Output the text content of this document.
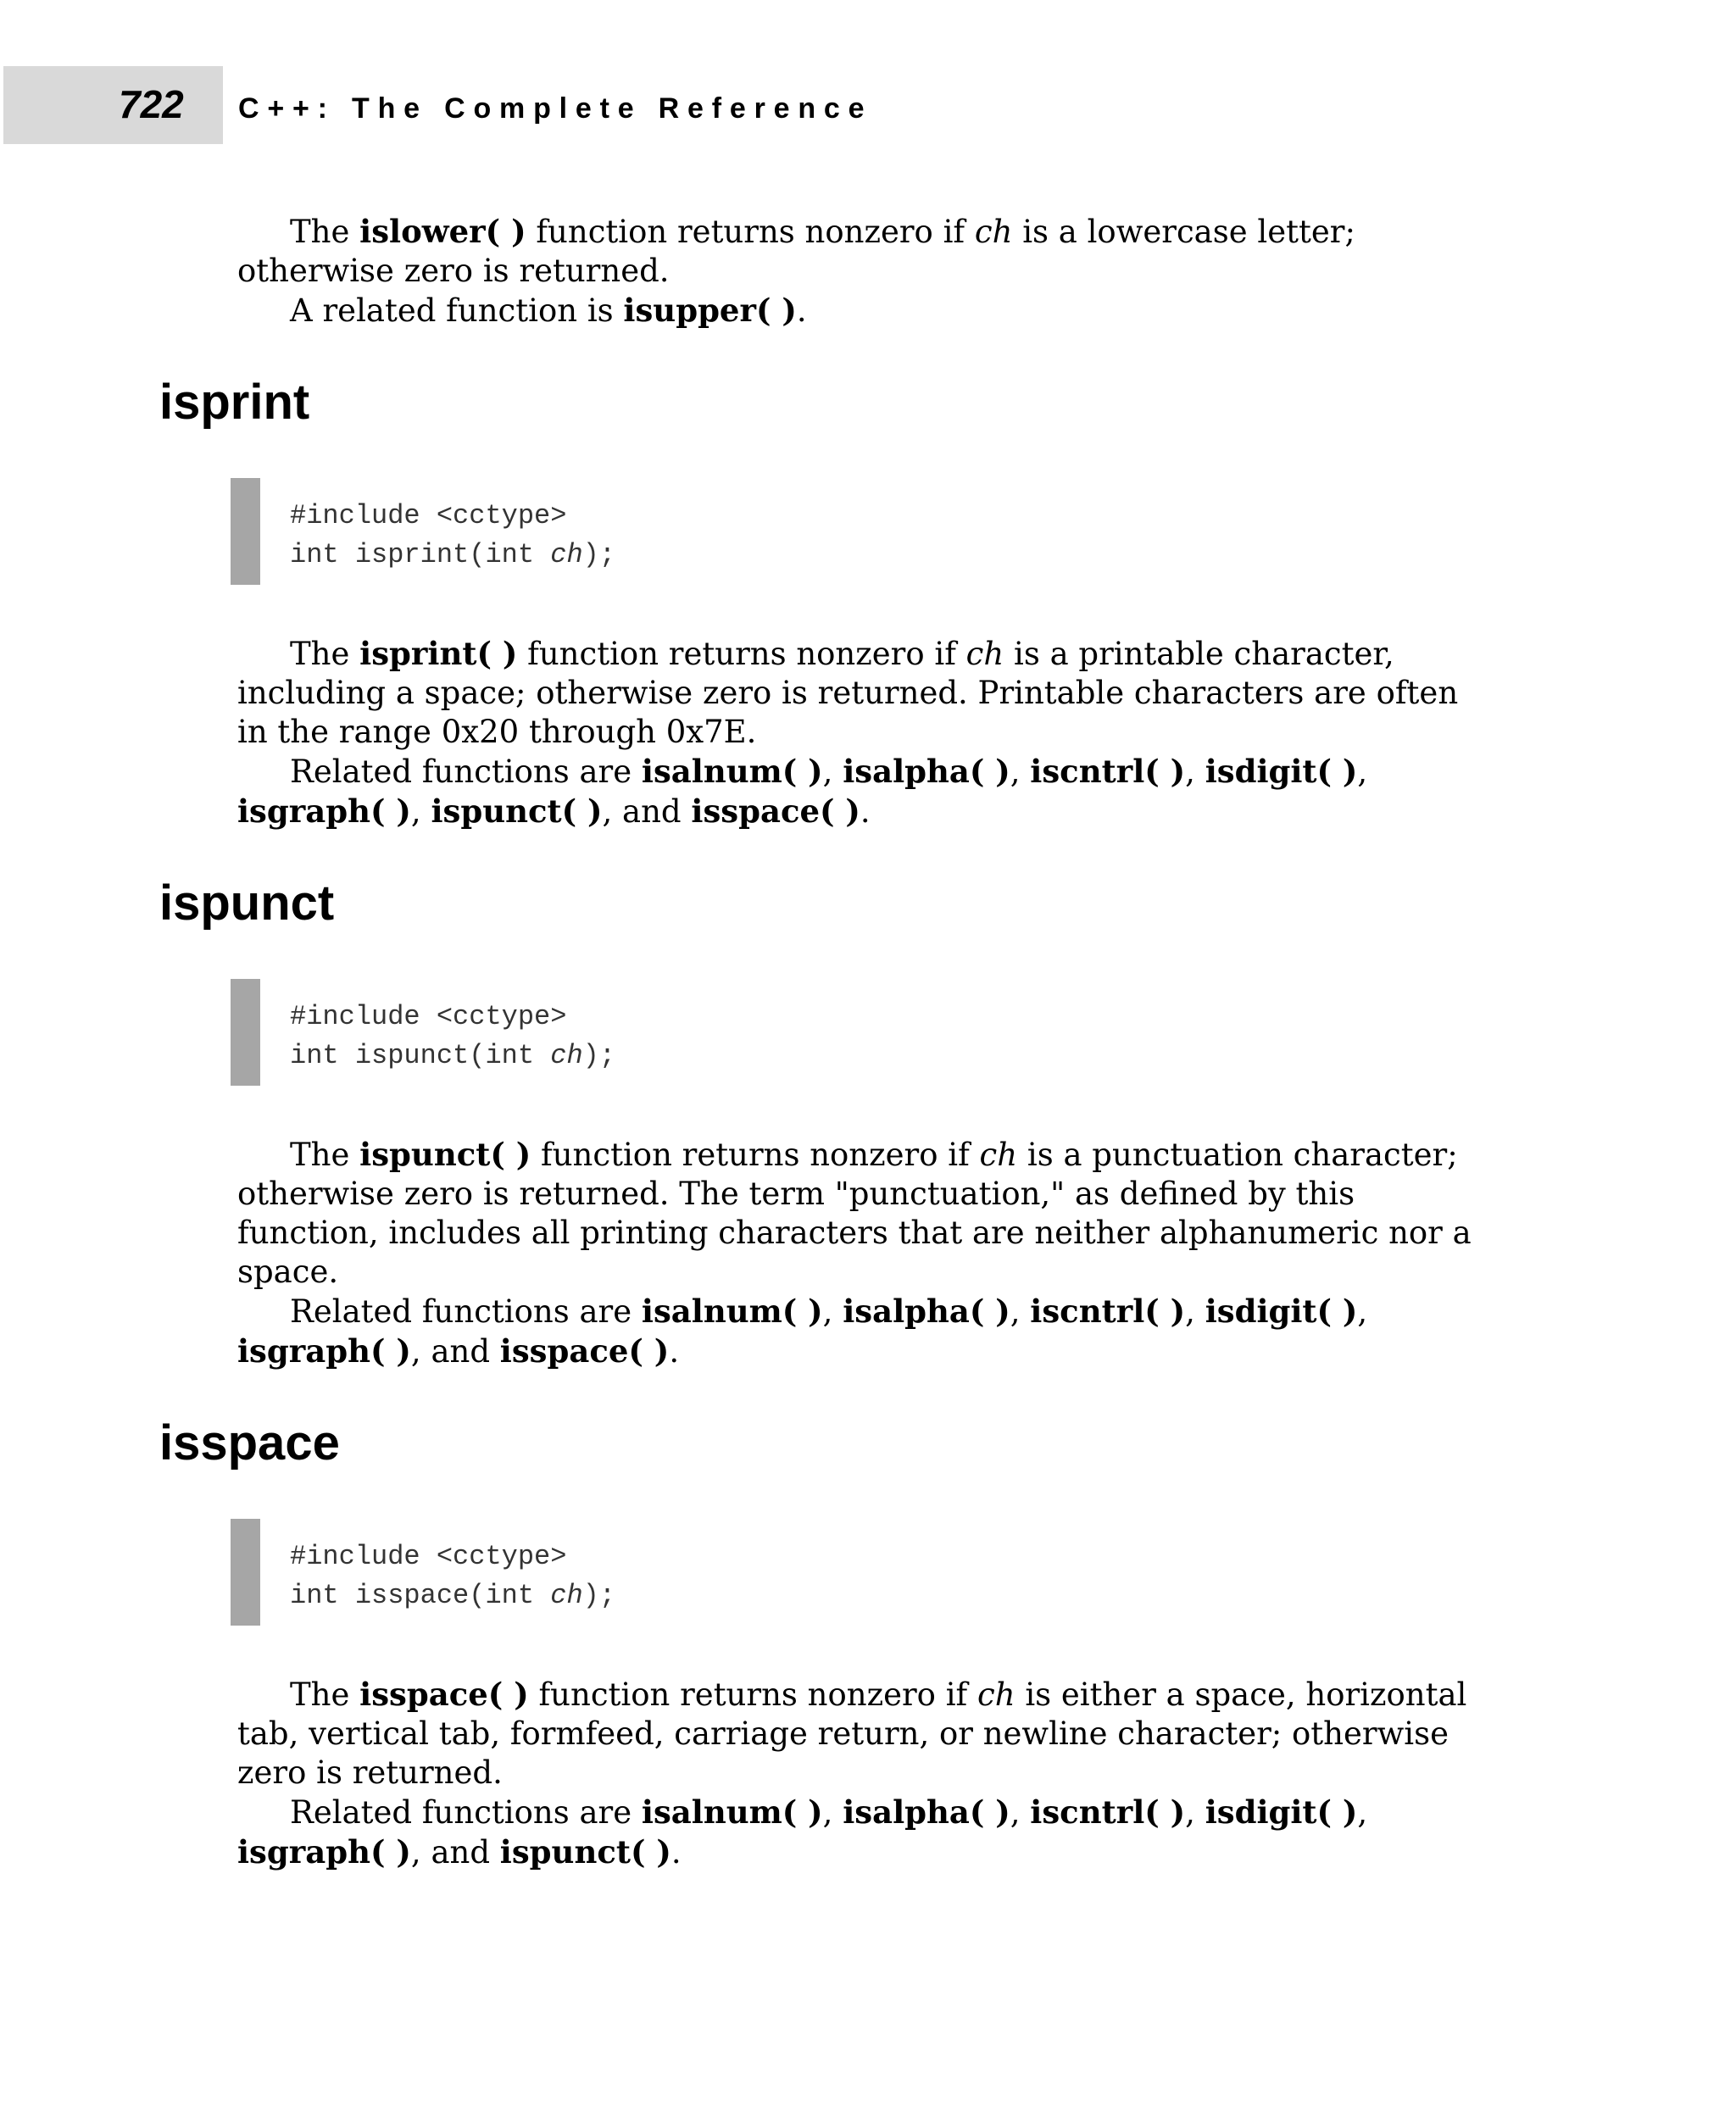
722 C++: The Complete Reference

The islower( ) function returns nonzero if ch is a lowercase letter; otherwise zero is returned.

A related function is isupper( ).

isprint
#include <cctype>
int isprint(int ch);

The isprint( ) function returns nonzero if ch is a printable character, including a space; otherwise zero is returned. Printable characters are often in the range 0x20 through 0x7E.

Related functions are isalnum( ), isalpha( ), iscntrl( ), isdigit( ), isgraph( ), ispunct( ), and isspace( ).

ispunct
#include <cctype>
int ispunct(int ch);

The ispunct( ) function returns nonzero if ch is a punctuation character; otherwise zero is returned. The term "punctuation," as defined by this function, includes all printing characters that are neither alphanumeric nor a space.

Related functions are isalnum( ), isalpha( ), iscntrl( ), isdigit( ), isgraph( ), and isspace( ).

isspace
#include <cctype>
int isspace(int ch);

The isspace( ) function returns nonzero if ch is either a space, horizontal tab, vertical tab, formfeed, carriage return, or newline character; otherwise zero is returned.

Related functions are isalnum( ), isalpha( ), iscntrl( ), isdigit( ), isgraph( ), and ispunct( ).
